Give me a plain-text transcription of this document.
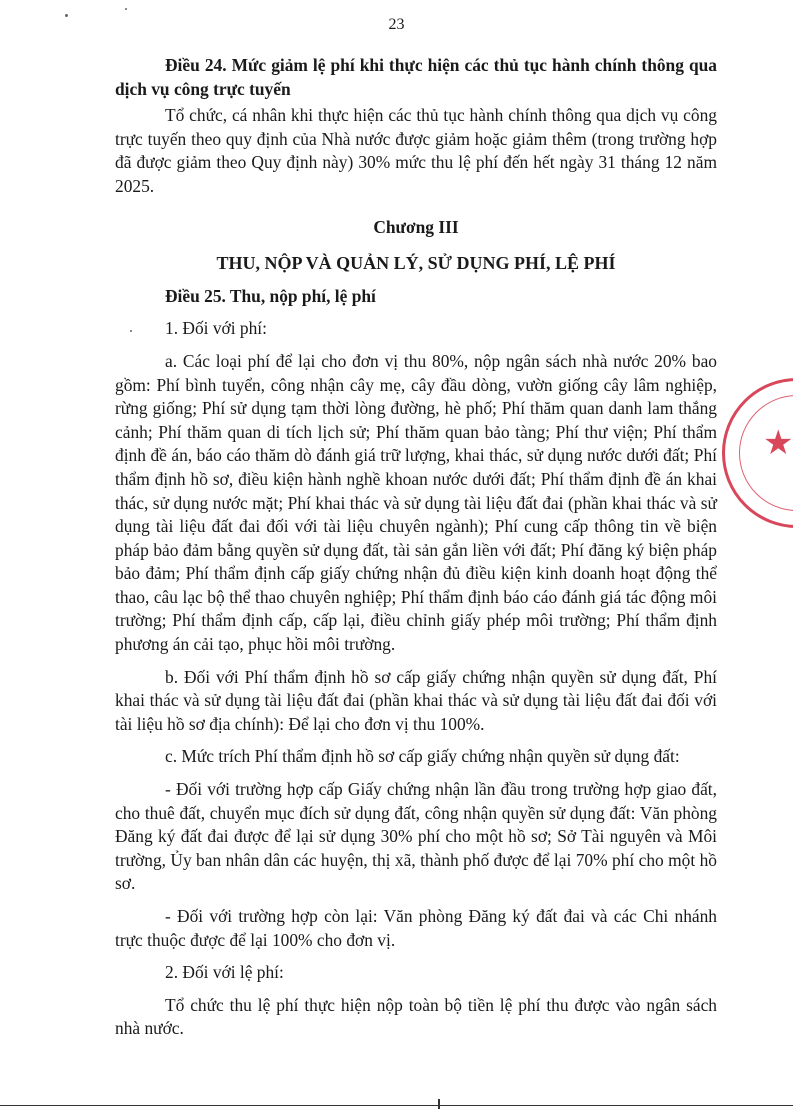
23

Điều 24. Mức giảm lệ phí khi thực hiện các thủ tục hành chính thông qua dịch vụ công trực tuyến

Tổ chức, cá nhân khi thực hiện các thủ tục hành chính thông qua dịch vụ công trực tuyến theo quy định của Nhà nước được giảm hoặc giảm thêm (trong trường hợp đã được giảm theo Quy định này) 30% mức thu lệ phí đến hết ngày 31 tháng 12 năm 2025.

Chương III

THU, NỘP VÀ QUẢN LÝ, SỬ DỤNG PHÍ, LỆ PHÍ

Điều 25. Thu, nộp phí, lệ phí

1. Đối với phí:

a. Các loại phí để lại cho đơn vị thu 80%, nộp ngân sách nhà nước 20% bao gồm: Phí bình tuyển, công nhận cây mẹ, cây đầu dòng, vườn giống cây lâm nghiệp, rừng giống; Phí sử dụng tạm thời lòng đường, hè phố; Phí thăm quan danh lam thắng cảnh; Phí thăm quan di tích lịch sử; Phí thăm quan bảo tàng; Phí thư viện; Phí thẩm định đề án, báo cáo thăm dò đánh giá trữ lượng, khai thác, sử dụng nước dưới đất; Phí thẩm định hồ sơ, điều kiện hành nghề khoan nước dưới đất; Phí thẩm định đề án khai thác, sử dụng nước mặt; Phí khai thác và sử dụng tài liệu đất đai (phần khai thác và sử dụng tài liệu đất đai đối với tài liệu chuyên ngành); Phí cung cấp thông tin về biện pháp bảo đảm bằng quyền sử dụng đất, tài sản gắn liền với đất; Phí đăng ký biện pháp bảo đảm; Phí thẩm định cấp giấy chứng nhận đủ điều kiện kinh doanh hoạt động thể thao, câu lạc bộ thể thao chuyên nghiệp; Phí thẩm định báo cáo đánh giá tác động môi trường; Phí thẩm định cấp, cấp lại, điều chỉnh giấy phép môi trường; Phí thẩm định phương án cải tạo, phục hồi môi trường.

b. Đối với Phí thẩm định hồ sơ cấp giấy chứng nhận quyền sử dụng đất, Phí khai thác và sử dụng tài liệu đất đai (phần khai thác và sử dụng tài liệu đất đai đối với tài liệu hồ sơ địa chính): Để lại cho đơn vị thu 100%.

c. Mức trích Phí thẩm định hồ sơ cấp giấy chứng nhận quyền sử dụng đất:

- Đối với trường hợp cấp Giấy chứng nhận lần đầu trong trường hợp giao đất, cho thuê đất, chuyển mục đích sử dụng đất, công nhận quyền sử dụng đất: Văn phòng Đăng ký đất đai được để lại sử dụng 30% phí cho một hồ sơ; Sở Tài nguyên và Môi trường, Ủy ban nhân dân các huyện, thị xã, thành phố được để lại 70% phí cho một hồ sơ.

- Đối với trường hợp còn lại: Văn phòng Đăng ký đất đai và các Chi nhánh trực thuộc được để lại 100% cho đơn vị.

2. Đối với lệ phí:

Tổ chức thu lệ phí thực hiện nộp toàn bộ tiền lệ phí thu được vào ngân sách nhà nước.

★
